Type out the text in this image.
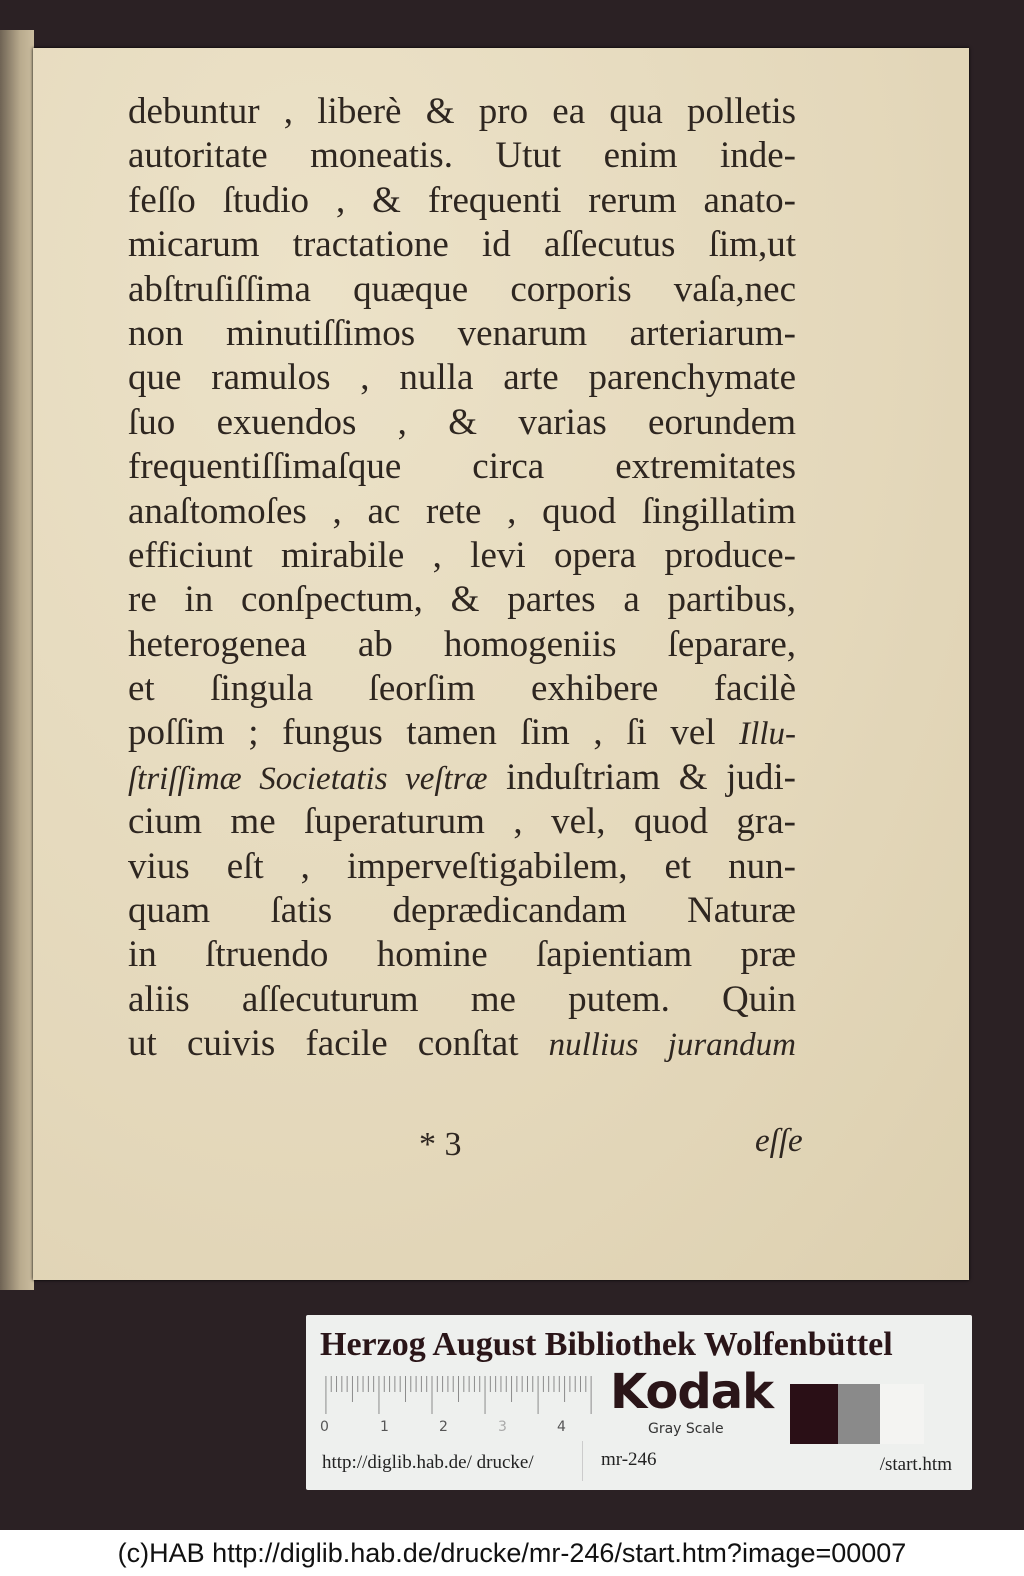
debuntur , liberè & pro ea qua polletis
autoritate moneatis. Utut enim inde-
feſſo ſtudio , & frequenti rerum anato-
micarum tractatione id aſſecutus ſim,ut
abſtruſiſſima quæque corporis vaſa,nec
non minutiſſimos venarum arteriarum-
que ramulos , nulla arte parenchymate
ſuo exuendos , & varias eorundem
frequentiſſimaſque circa extremitates
anaſtomoſes , ac rete , quod ſingillatim
efficiunt mirabile , levi opera produce-
re in conſpectum, & partes a partibus,
heterogenea ab homogeniis ſeparare,
et ſingula ſeorſim exhibere facilè
poſſim ; fungus tamen ſim , ſi vel Illu-
ſtriſſimæ Societatis veſtræ induſtriam & judi-
cium me ſuperaturum , vel, quod gra-
vius eſt , imperveſtigabilem, et nun-
quam ſatis deprædicandam Naturæ
in ſtruendo homine ſapientiam præ
aliis aſſecuturum me putem. Quin
ut cuivis facile conſtat nullius jurandum
* 3	eſſe
Herzog August Bibliothek Wolfenbüttel
0	1	2	3	4
Kodak
Gray Scale
http://diglib.hab.de/ drucke/	mr-246	/start.htm
(c)HAB http://diglib.hab.de/drucke/mr-246/start.htm?image=00007
